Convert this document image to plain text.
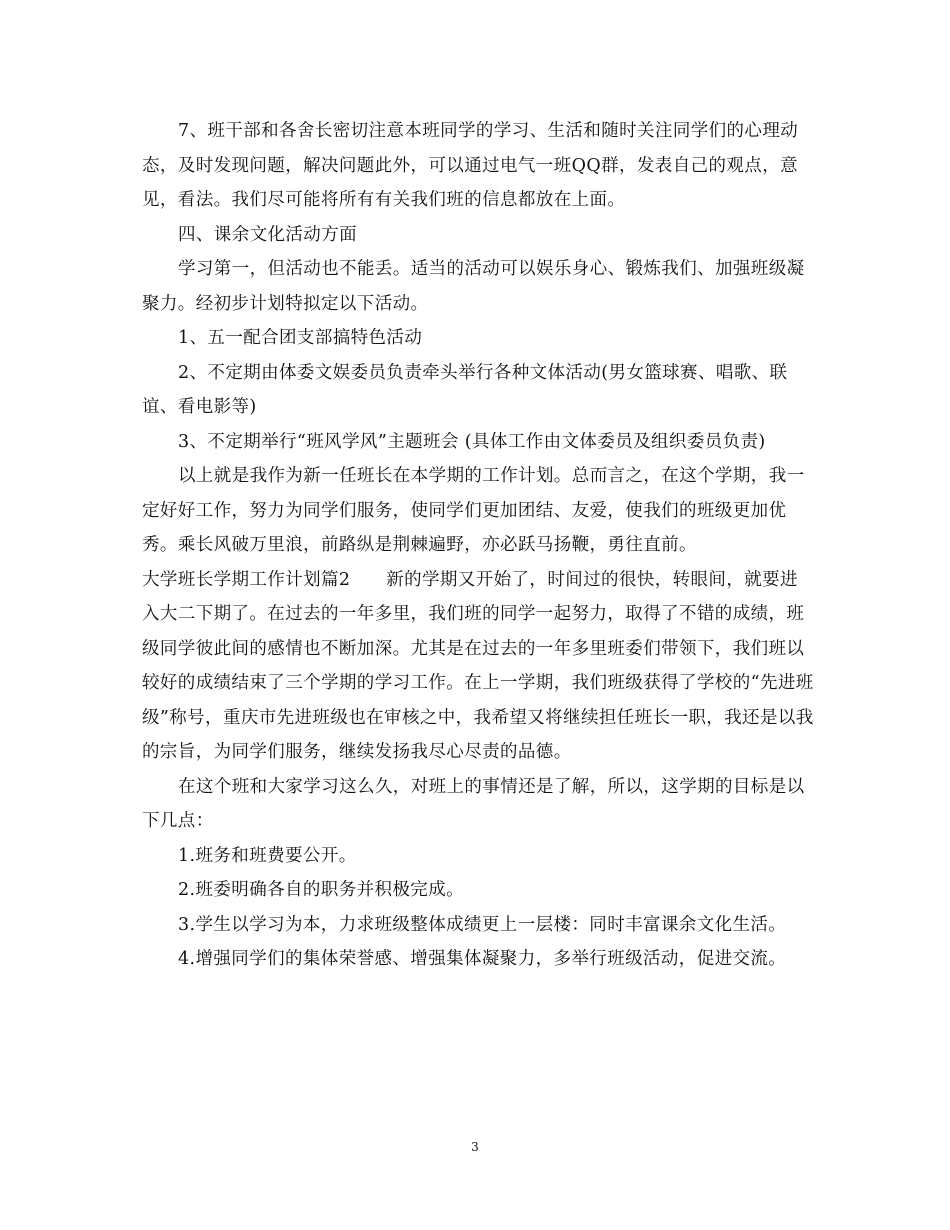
7、班干部和各舍长密切注意本班同学的学习、生活和随时关注同学们的心理动态，及时发现问题，解决问题此外，可以通过电气一班QQ群，发表自己的观点，意见，看法。我们尽可能将所有有关我们班的信息都放在上面。

四、课余文化活动方面

学习第一，但活动也不能丢。适当的活动可以娱乐身心、锻炼我们、加强班级凝聚力。经初步计划特拟定以下活动。

1、五一配合团支部搞特色活动

2、不定期由体委文娱委员负责牵头举行各种文体活动(男女篮球赛、唱歌、联谊、看电影等)

3、不定期举行“班风学风”主题班会 (具体工作由文体委员及组织委员负责)

以上就是我作为新一任班长在本学期的工作计划。总而言之，在这个学期，我一定好好工作，努力为同学们服务，使同学们更加团结、友爱，使我们的班级更加优秀。乘长风破万里浪，前路纵是荆棘遍野，亦必跃马扬鞭，勇往直前。

大学班长学期工作计划篇2　　新的学期又开始了，时间过的很快，转眼间，就要进入大二下期了。在过去的一年多里，我们班的同学一起努力，取得了不错的成绩，班级同学彼此间的感情也不断加深。尤其是在过去的一年多里班委们带领下，我们班以较好的成绩结束了三个学期的学习工作。在上一学期，我们班级获得了学校的“先进班级”称号，重庆市先进班级也在审核之中，我希望又将继续担任班长一职，我还是以我的宗旨，为同学们服务，继续发扬我尽心尽责的品德。

在这个班和大家学习这么久，对班上的事情还是了解，所以，这学期的目标是以下几点：

1.班务和班费要公开。

2.班委明确各自的职务并积极完成。

3.学生以学习为本，力求班级整体成绩更上一层楼：同时丰富课余文化生活。

4.增强同学们的集体荣誉感、增强集体凝聚力，多举行班级活动，促进交流。

3
